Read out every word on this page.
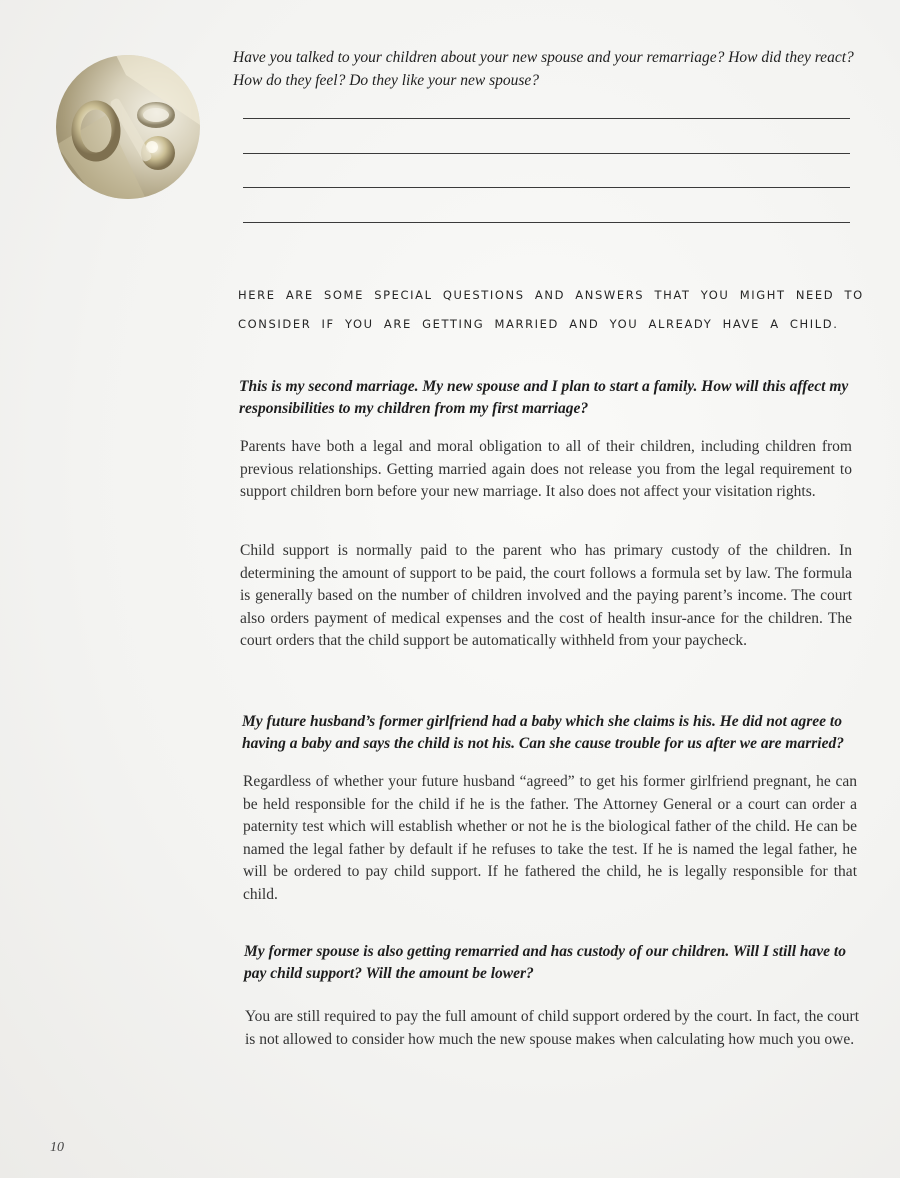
Have you talked to your children about your new spouse and your remarriage? How did they react? How do they feel? Do they like your new spouse?
HERE ARE SOME SPECIAL QUESTIONS AND ANSWERS THAT YOU MIGHT NEED TO
CONSIDER IF YOU ARE GETTING MARRIED AND YOU ALREADY HAVE A CHILD.
This is my second marriage. My new spouse and I plan to start a family. How will this affect my responsibilities to my children from my first marriage?
Parents have both a legal and moral obligation to all of their children, including children from previous relationships. Getting married again does not release you from the legal requirement to support children born before your new marriage. It also does not affect your visitation rights.
Child support is normally paid to the parent who has primary custody of the children. In determining the amount of support to be paid, the court follows a formula set by law. The formula is generally based on the number of children involved and the paying parent’s income. The court also orders payment of medical expenses and the cost of health insur-ance for the children. The court orders that the child support be automatically withheld from your paycheck.
My future husband’s former girlfriend had a baby which she claims is his. He did not agree to having a baby and says the child is not his. Can she cause trouble for us after we are married?
Regardless of whether your future husband “agreed” to get his former girlfriend pregnant, he can be held responsible for the child if he is the father. The Attorney General or a court can order a paternity test which will establish whether or not he is the biological father of the child. He can be named the legal father by default if he refuses to take the test. If he is named the legal father, he will be ordered to pay child support. If he fathered the child, he is legally responsible for that child.
My former spouse is also getting remarried and has custody of our children. Will I still have to pay child support? Will the amount be lower?
You are still required to pay the full amount of child support ordered by the court. In fact, the court is not allowed to consider how much the new spouse makes when calculating how much you owe.
10
